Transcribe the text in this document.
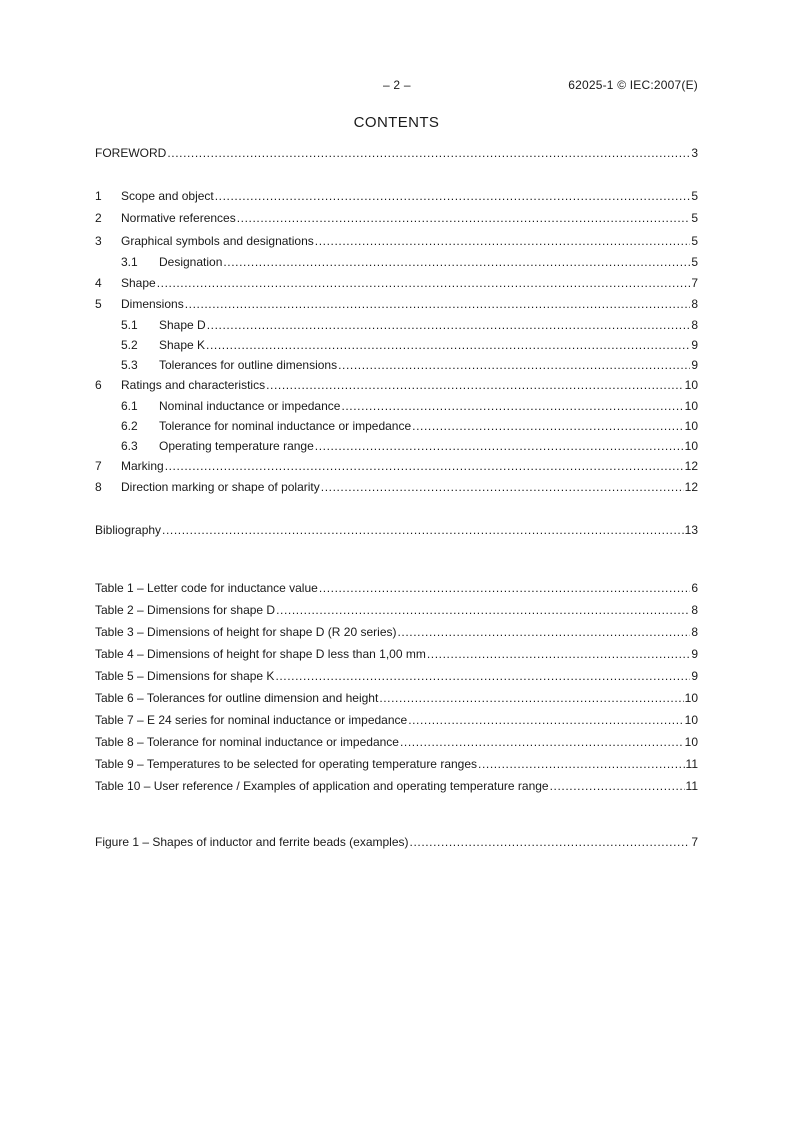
– 2 –	62025-1 © IEC:2007(E)
CONTENTS
FOREWORD .....	3
1	Scope and object .....	5
2	Normative references .....	5
3	Graphical symbols and designations .....	5
3.1	Designation .....	5
4	Shape .....	7
5	Dimensions .....	8
5.1	Shape D .....	8
5.2	Shape K .....	9
5.3	Tolerances for outline dimensions .....	9
6	Ratings and characteristics .....	10
6.1	Nominal inductance or impedance .....	10
6.2	Tolerance for nominal inductance or impedance .....	10
6.3	Operating temperature range .....	10
7	Marking .....	12
8	Direction marking or shape of polarity .....	12
Bibliography .....	13
Table 1 – Letter code for inductance value .....	6
Table 2 – Dimensions for shape D .....	8
Table 3 – Dimensions of height for shape D (R 20 series) .....	8
Table 4 – Dimensions of height for shape D less than 1,00 mm .....	9
Table 5 – Dimensions for shape K .....	9
Table 6 – Tolerances for outline dimension and height .....	10
Table 7 – E 24 series for nominal inductance or impedance .....	10
Table 8 – Tolerance for nominal inductance or impedance .....	10
Table 9 – Temperatures to be selected for operating temperature ranges .....	11
Table 10 – User reference / Examples of application and operating temperature range .....	11
Figure 1 – Shapes of inductor and ferrite beads (examples) .....	7
